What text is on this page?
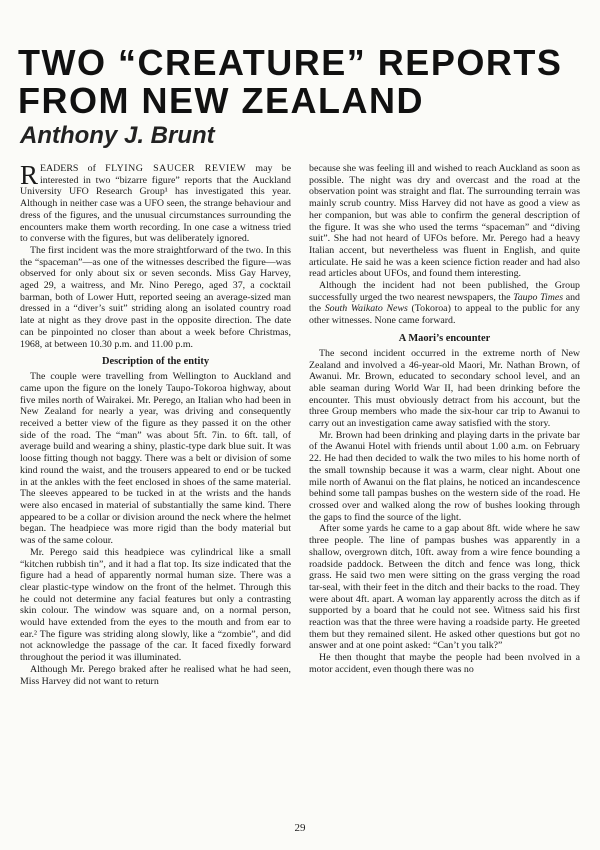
TWO “CREATURE” REPORTS FROM NEW ZEALAND
Anthony J. Brunt

READERS of FLYING SAUCER REVIEW may be interested in two “bizarre figure” reports that the Auckland University UFO Research Group¹ has investigated this year. Although in neither case was a UFO seen, the strange behaviour and dress of the figures, and the unusual circumstances surrounding the encounters make them worth recording. In one case a witness tried to converse with the figures, but was deliberately ignored.

The first incident was the more straightforward of the two. In this the “spaceman”—as one of the witnesses described the figure—was observed for only about six or seven seconds. Miss Gay Harvey, aged 29, a waitress, and Mr. Nino Perego, aged 37, a cocktail barman, both of Lower Hutt, reported seeing an average-sized man dressed in a “diver’s suit” striding along an isolated country road late at night as they drove past in the opposite direction. The date can be pinpointed no closer than about a week before Christmas, 1968, at between 10.30 p.m. and 11.00 p.m.

Description of the entity

The couple were travelling from Wellington to Auckland and came upon the figure on the lonely Taupo-Tokoroa highway, about five miles north of Wairakei. Mr. Perego, an Italian who had been in New Zealand for nearly a year, was driving and consequently received a better view of the figure as they passed it on the other side of the road. The “man” was about 5ft. 7in. to 6ft. tall, of average build and wearing a shiny, plastic-type dark blue suit. It was loose fitting though not baggy. There was a belt or division of some kind round the waist, and the trousers appeared to end or be tucked in at the ankles with the feet enclosed in shoes of the same material. The sleeves appeared to be tucked in at the wrists and the hands were also encased in material of substantially the same kind. There appeared to be a collar or division around the neck where the helmet began. The headpiece was more rigid than the body material but was of the same colour.

Mr. Perego said this headpiece was cylindrical like a small “kitchen rubbish tin”, and it had a flat top. Its size indicated that the figure had a head of apparently normal human size. There was a clear plastic-type window on the front of the helmet. Through this he could not determine any facial features but only a contrasting skin colour. The window was square and, on a normal person, would have extended from the eyes to the mouth and from ear to ear.² The figure was striding along slowly, like a “zombie”, and did not acknowledge the passage of the car. It faced fixedly forward throughout the period it was illuminated.

Although Mr. Perego braked after he realised what he had seen, Miss Harvey did not want to return

because she was feeling ill and wished to reach Auckland as soon as possible. The night was dry and overcast and the road at the observation point was straight and flat. The surrounding terrain was mainly scrub country. Miss Harvey did not have as good a view as her companion, but was able to confirm the general description of the figure. It was she who used the terms “spaceman” and “diving suit”. She had not heard of UFOs before. Mr. Perego had a heavy Italian accent, but nevertheless was fluent in English, and quite articulate. He said he was a keen science fiction reader and had also read articles about UFOs, and found them interesting.

Although the incident had not been published, the Group successfully urged the two nearest newspapers, the Taupo Times and the South Waikato News (Tokoroa) to appeal to the public for any other witnesses. None came forward.

A Maori’s encounter

The second incident occurred in the extreme north of New Zealand and involved a 46-year-old Maori, Mr. Nathan Brown, of Awanui. Mr. Brown, educated to secondary school level, and an able seaman during World War II, had been drinking before the encounter. This must obviously detract from his account, but the three Group members who made the six-hour car trip to Awanui to carry out an investigation came away satisfied with the story.

Mr. Brown had been drinking and playing darts in the private bar of the Awanui Hotel with friends until about 1.00 a.m. on February 22. He had then decided to walk the two miles to his home north of the small township because it was a warm, clear night. About one mile north of Awanui on the flat plains, he noticed an incandescence behind some tall pampas bushes on the western side of the road. He crossed over and walked along the row of bushes looking through the gaps to find the source of the light.

After some yards he came to a gap about 8ft. wide where he saw three people. The line of pampas bushes was apparently in a shallow, overgrown ditch, 10ft. away from a wire fence bounding a roadside paddock. Between the ditch and fence was long, thick grass. He said two men were sitting on the grass verging the road tar-seal, with their feet in the ditch and their backs to the road. They were about 4ft. apart. A woman lay apparently across the ditch as if supported by a board that he could not see. Witness said his first reaction was that the three were having a roadside party. He greeted them but they remained silent. He asked other questions but got no answer and at one point asked: “Can’t you talk?”

He then thought that maybe the people had been nvolved in a motor accident, even though there was no

29
